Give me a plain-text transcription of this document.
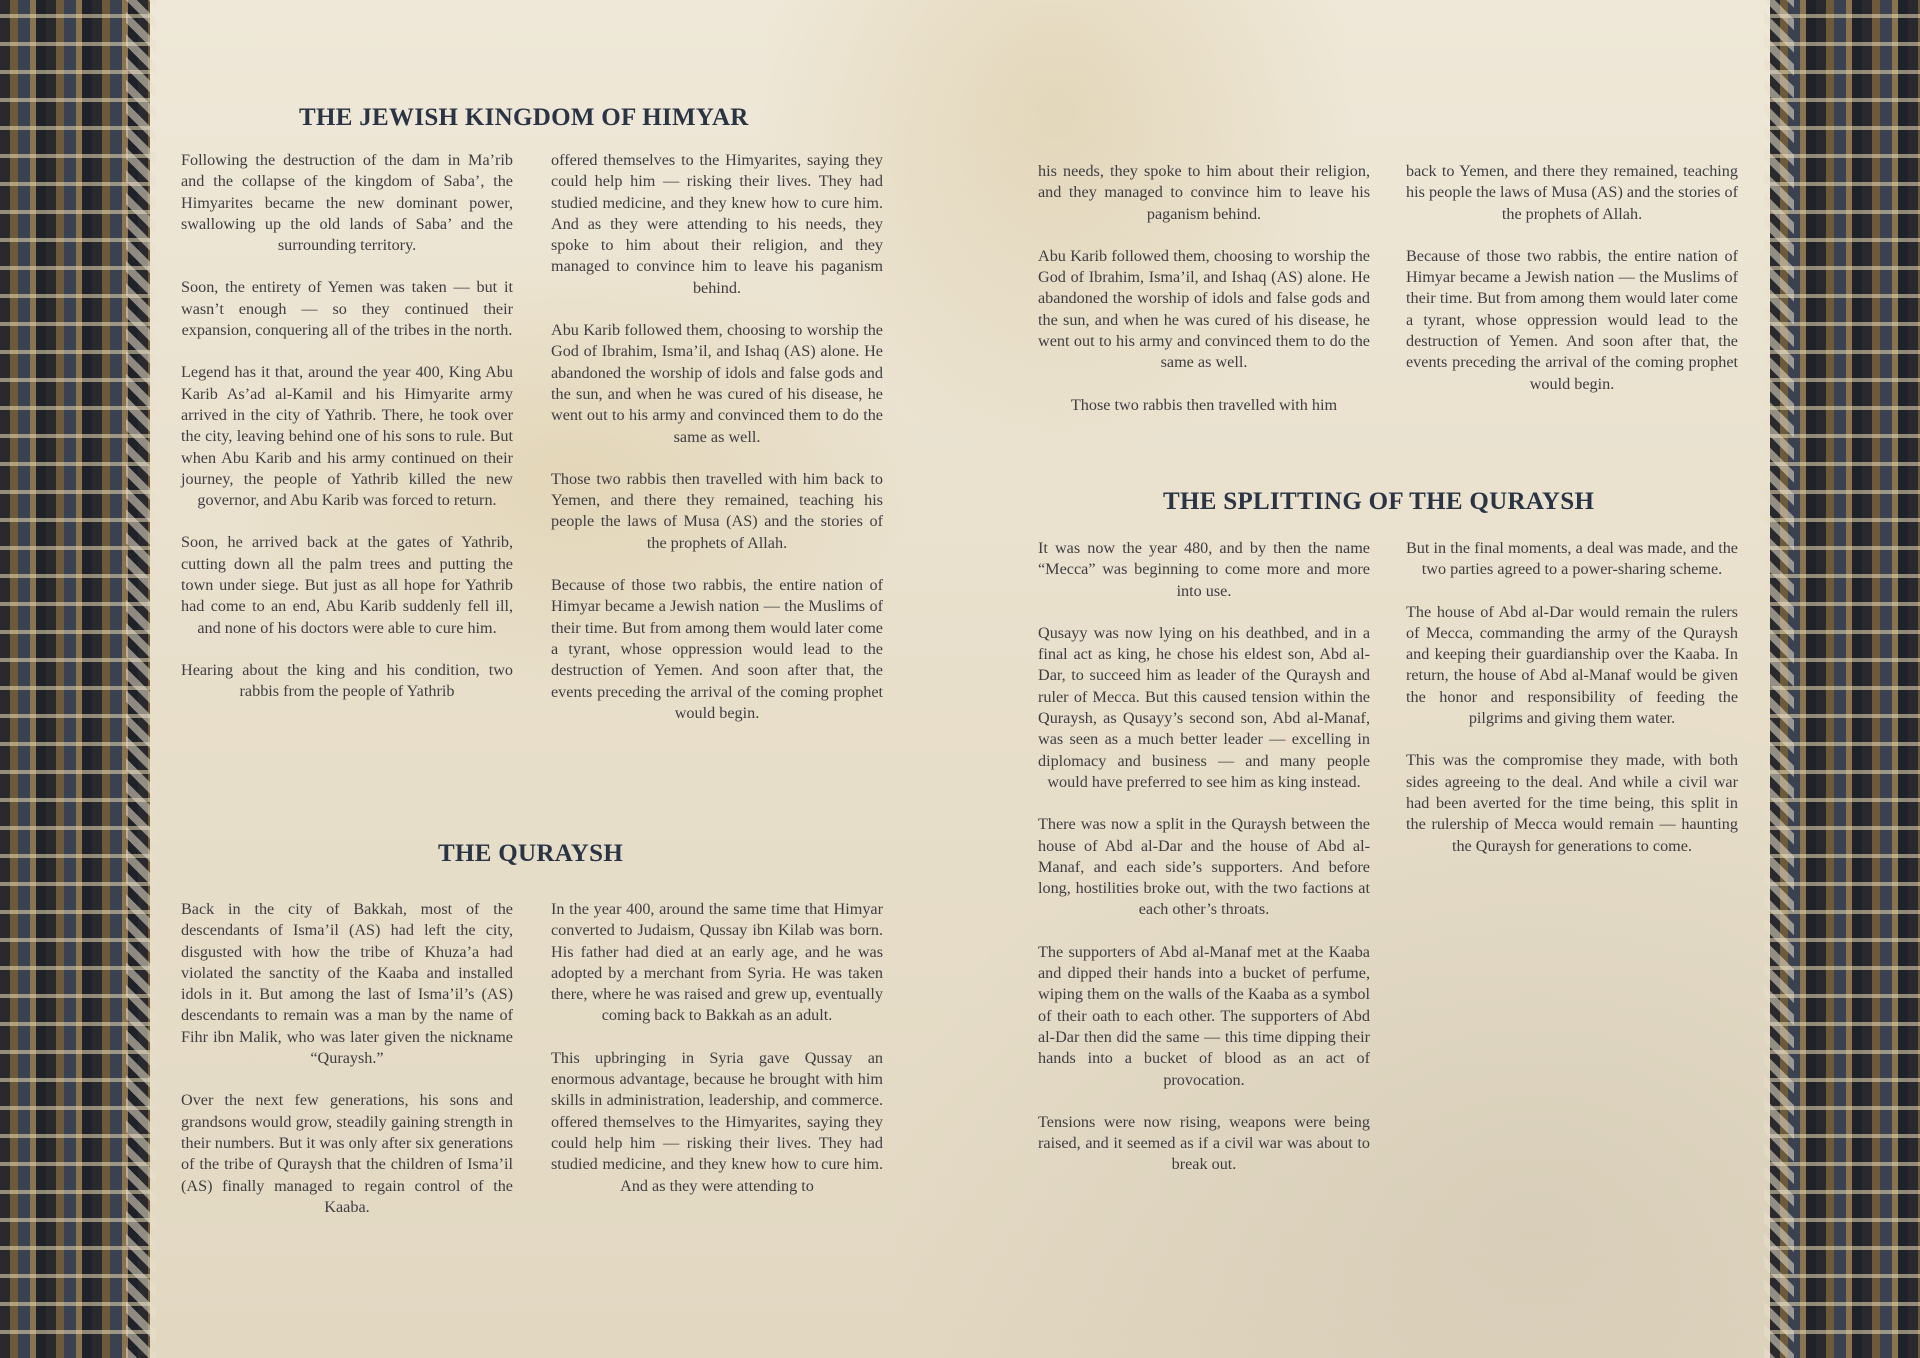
THE JEWISH KINGDOM OF HIMYAR

Following the destruction of the dam in Ma’rib and the collapse of the kingdom of Saba’, the Himyarites became the new dominant power, swallowing up the old lands of Saba’ and the surrounding territory.

Soon, the entirety of Yemen was taken — but it wasn’t enough — so they continued their expansion, conquering all of the tribes in the north.

Legend has it that, around the year 400, King Abu Karib As’ad al-Kamil and his Himyarite army arrived in the city of Yathrib. There, he took over the city, leaving behind one of his sons to rule. But when Abu Karib and his army continued on their journey, the people of Yathrib killed the new governor, and Abu Karib was forced to return.

Soon, he arrived back at the gates of Yathrib, cutting down all the palm trees and putting the town under siege. But just as all hope for Yathrib had come to an end, Abu Karib suddenly fell ill, and none of his doctors were able to cure him.

Hearing about the king and his condition, two rabbis from the people of Yathrib

offered themselves to the Himyarites, saying they could help him — risking their lives. They had studied medicine, and they knew how to cure him. And as they were attending to his needs, they spoke to him about their religion, and they managed to convince him to leave his paganism behind.

Abu Karib followed them, choosing to worship the God of Ibrahim, Isma’il, and Ishaq (AS) alone. He abandoned the worship of idols and false gods and the sun, and when he was cured of his disease, he went out to his army and convinced them to do the same as well.

Those two rabbis then travelled with him back to Yemen, and there they remained, teaching his people the laws of Musa (AS) and the stories of the prophets of Allah.

Because of those two rabbis, the entire nation of Himyar became a Jewish nation — the Muslims of their time. But from among them would later come a tyrant, whose oppression would lead to the destruction of Yemen. And soon after that, the events preceding the arrival of the coming prophet would begin.

THE QURAYSH

Back in the city of Bakkah, most of the descendants of Isma’il (AS) had left the city, disgusted with how the tribe of Khuza’a had violated the sanctity of the Kaaba and installed idols in it. But among the last of Isma’il’s (AS) descendants to remain was a man by the name of Fihr ibn Malik, who was later given the nickname “Quraysh.”

Over the next few generations, his sons and grandsons would grow, steadily gaining strength in their numbers. But it was only after six generations of the tribe of Quraysh that the children of Isma’il (AS) finally managed to regain control of the Kaaba.

In the year 400, around the same time that Himyar converted to Judaism, Qussay ibn Kilab was born. His father had died at an early age, and he was adopted by a merchant from Syria. He was taken there, where he was raised and grew up, eventually coming back to Bakkah as an adult.

This upbringing in Syria gave Qussay an enormous advantage, because he brought with him skills in administration, leadership, and commerce. offered themselves to the Himyarites, saying they could help him — risking their lives. They had studied medicine, and they knew how to cure him. And as they were attending to

his needs, they spoke to him about their religion, and they managed to convince him to leave his paganism behind.

Abu Karib followed them, choosing to worship the God of Ibrahim, Isma’il, and Ishaq (AS) alone. He abandoned the worship of idols and false gods and the sun, and when he was cured of his disease, he went out to his army and convinced them to do the same as well.

Those two rabbis then travelled with him

back to Yemen, and there they remained, teaching his people the laws of Musa (AS) and the stories of the prophets of Allah.

Because of those two rabbis, the entire nation of Himyar became a Jewish nation — the Muslims of their time. But from among them would later come a tyrant, whose oppression would lead to the destruction of Yemen. And soon after that, the events preceding the arrival of the coming prophet would begin.

THE SPLITTING OF THE QURAYSH

It was now the year 480, and by then the name “Mecca” was beginning to come more and more into use.

Qusayy was now lying on his deathbed, and in a final act as king, he chose his eldest son, Abd al-Dar, to succeed him as leader of the Quraysh and ruler of Mecca. But this caused tension within the Quraysh, as Qusayy’s second son, Abd al-Manaf, was seen as a much better leader — excelling in diplomacy and business — and many people would have preferred to see him as king instead.

There was now a split in the Quraysh between the house of Abd al-Dar and the house of Abd al-Manaf, and each side’s supporters. And before long, hostilities broke out, with the two factions at each other’s throats.

The supporters of Abd al-Manaf met at the Kaaba and dipped their hands into a bucket of perfume, wiping them on the walls of the Kaaba as a symbol of their oath to each other. The supporters of Abd al-Dar then did the same — this time dipping their hands into a bucket of blood as an act of provocation.

Tensions were now rising, weapons were being raised, and it seemed as if a civil war was about to break out.

But in the final moments, a deal was made, and the two parties agreed to a power-sharing scheme.

The house of Abd al-Dar would remain the rulers of Mecca, commanding the army of the Quraysh and keeping their guardianship over the Kaaba. In return, the house of Abd al-Manaf would be given the honor and responsibility of feeding the pilgrims and giving them water.

This was the compromise they made, with both sides agreeing to the deal. And while a civil war had been averted for the time being, this split in the rulership of Mecca would remain — haunting the Quraysh for generations to come.
